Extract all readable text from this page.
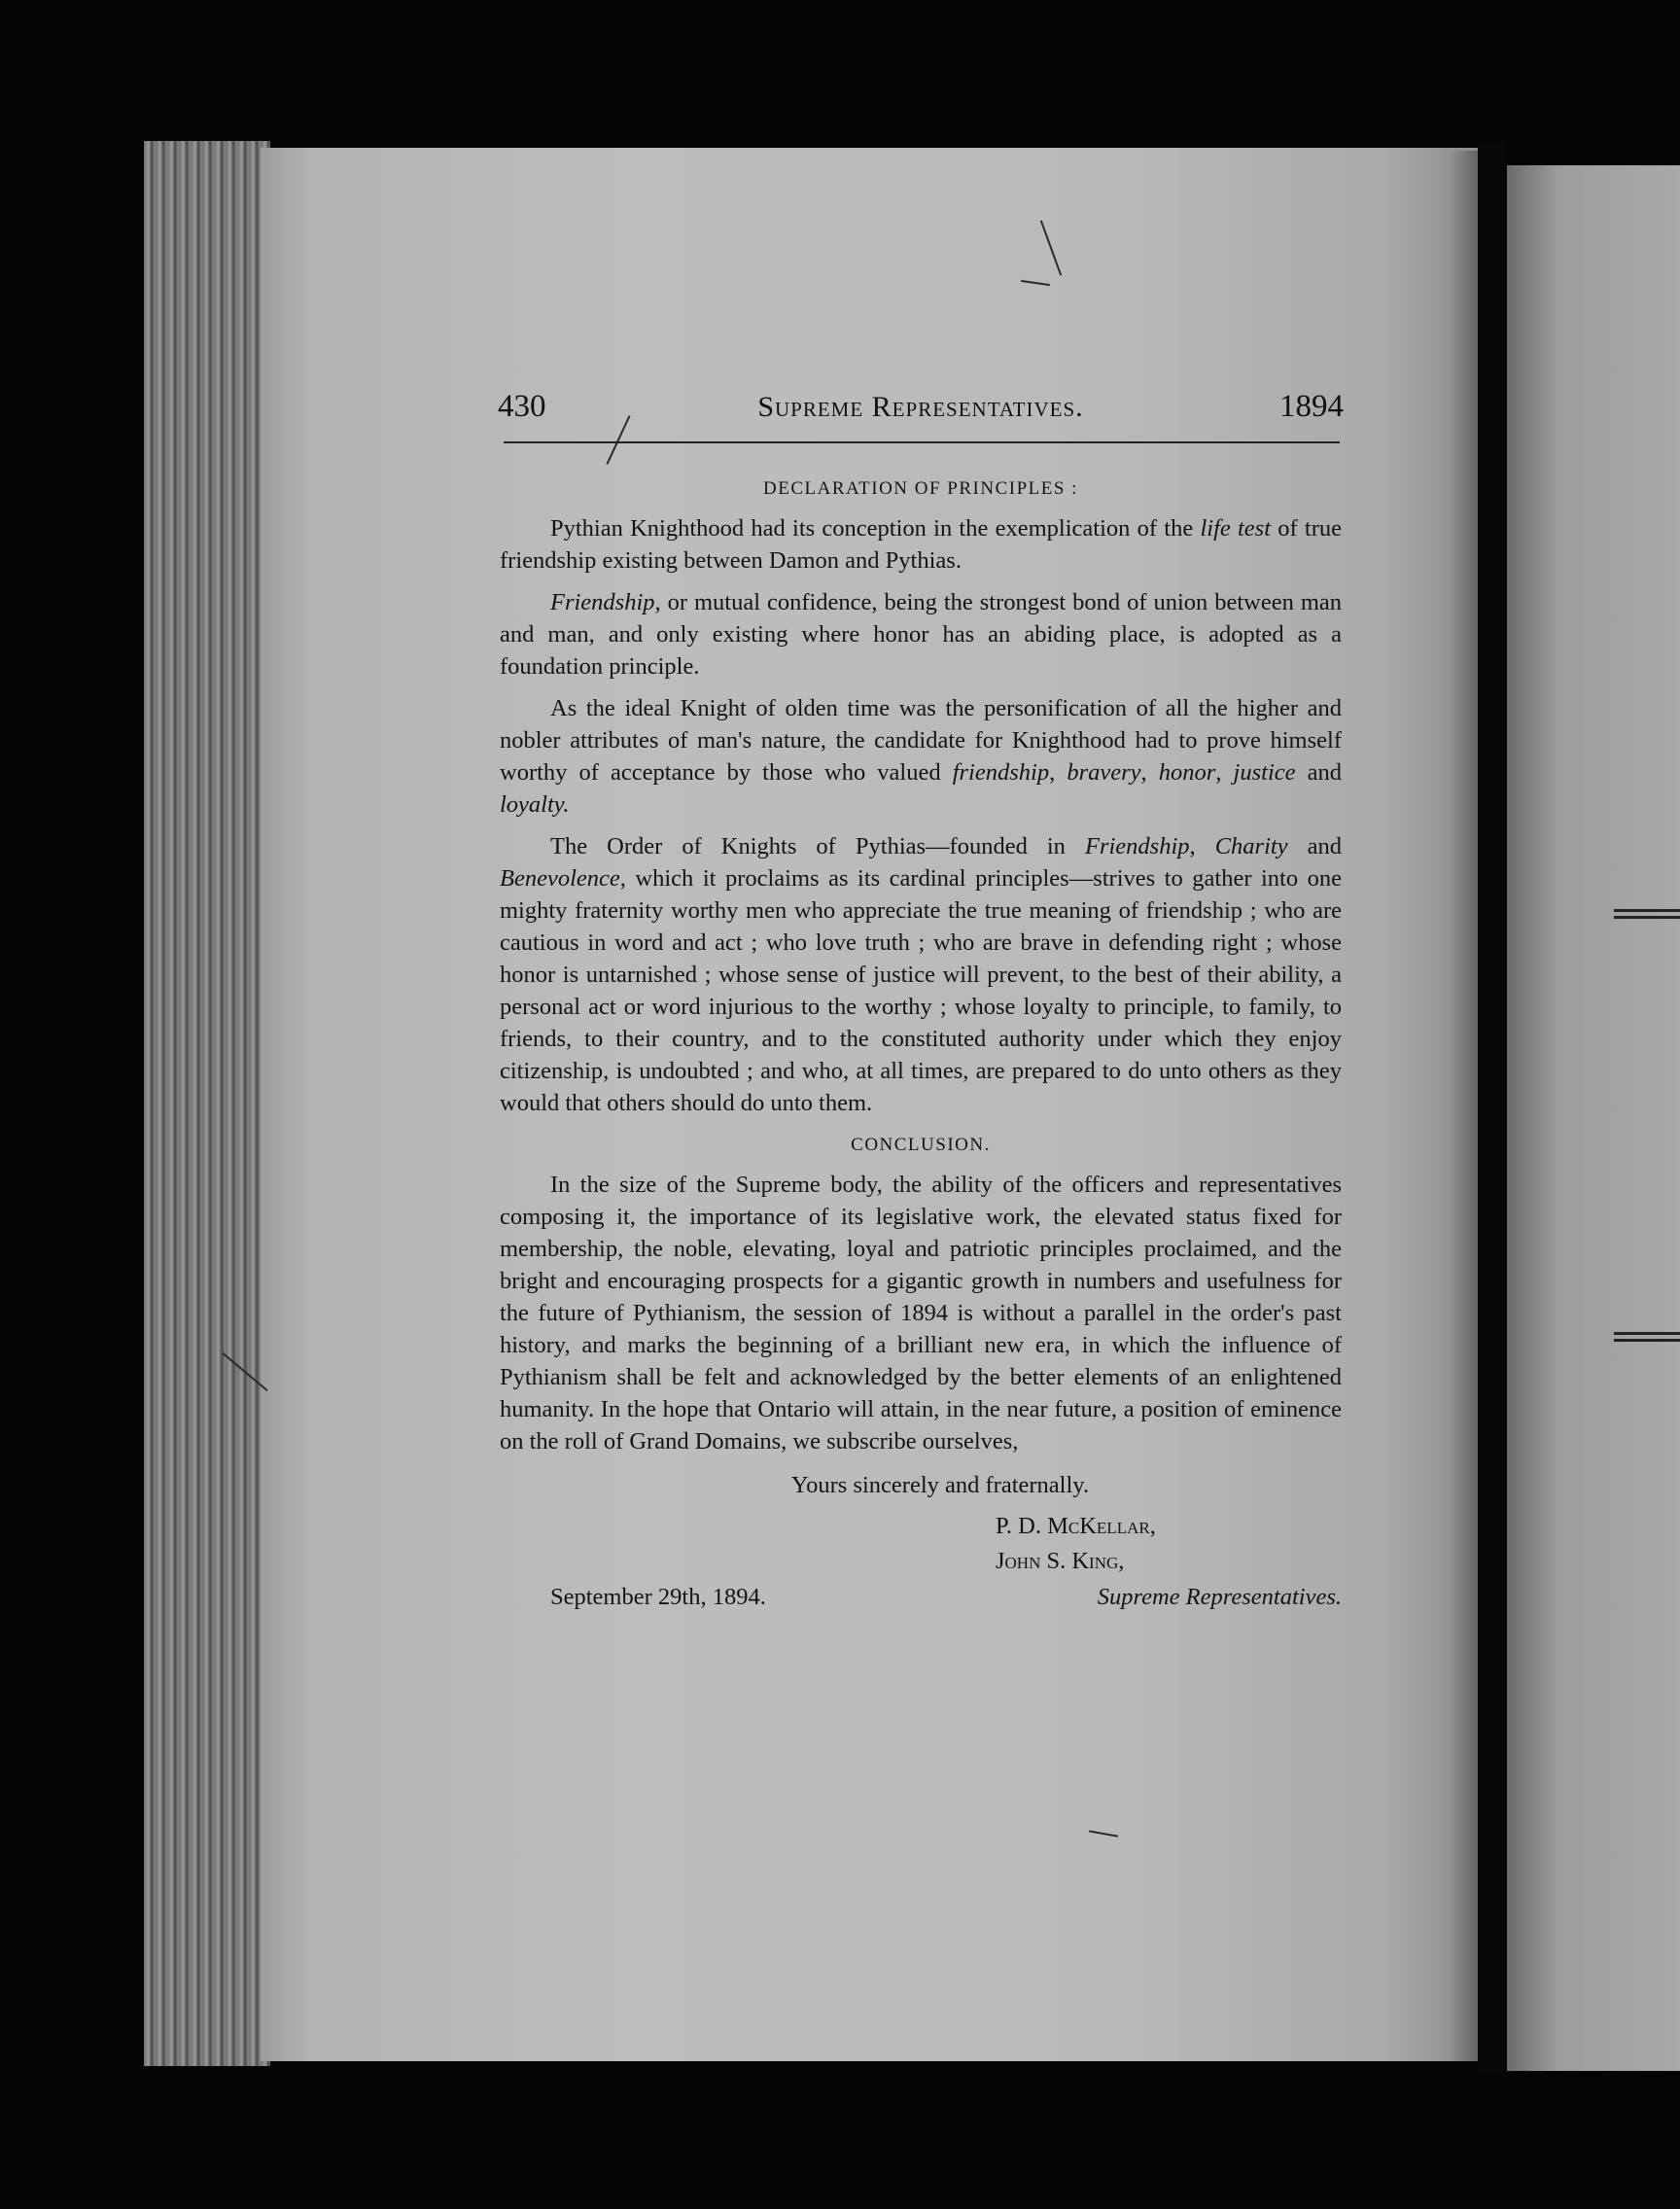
430	Supreme Representatives.	1894
DECLARATION OF PRINCIPLES :

Pythian Knighthood had its conception in the exemplication of the life test of true friendship existing between Damon and Pythias.

Friendship, or mutual confidence, being the strongest bond of union between man and man, and only existing where honor has an abiding place, is adopted as a foundation principle.

As the ideal Knight of olden time was the personification of all the higher and nobler attributes of man's nature, the candidate for Knighthood had to prove himself worthy of acceptance by those who valued friendship, bravery, honor, justice and loyalty.

The Order of Knights of Pythias—founded in Friendship, Charity and Benevolence, which it proclaims as its cardinal principles—strives to gather into one mighty fraternity worthy men who appreciate the true meaning of friendship ; who are cautious in word and act ; who love truth ; who are brave in defending right ; whose honor is untarnished ; whose sense of justice will prevent, to the best of their ability, a personal act or word injurious to the worthy ; whose loyalty to principle, to family, to friends, to their country, and to the constituted authority under which they enjoy citizenship, is undoubted ; and who, at all times, are prepared to do unto others as they would that others should do unto them.

CONCLUSION.

In the size of the Supreme body, the ability of the officers and representatives composing it, the importance of its legislative work, the elevated status fixed for membership, the noble, elevating, loyal and patriotic principles proclaimed, and the bright and encouraging prospects for a gigantic growth in numbers and usefulness for the future of Pythianism, the session of 1894 is without a parallel in the order's past history, and marks the beginning of a brilliant new era, in which the influence of Pythianism shall be felt and acknowledged by the better elements of an enlightened humanity. In the hope that Ontario will attain, in the near future, a position of eminence on the roll of Grand Domains, we subscribe ourselves,

Yours sincerely and fraternally.
P. D. McKellar,
John S. King,
September 29th, 1894.	Supreme Representatives.
